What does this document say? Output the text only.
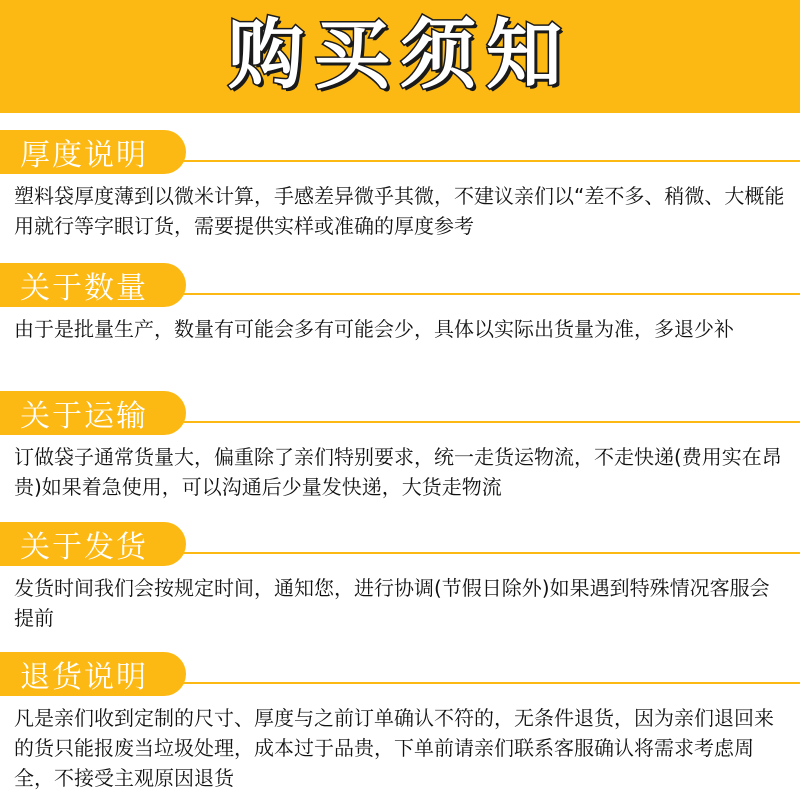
购买须知
厚度说明
塑料袋厚度薄到以微米计算，手感差异微乎其微，不建议亲们以“差不多、稍微、大概能用就行等字眼订货，需要提供实样或准确的厚度参考
关于数量
由于是批量生产，数量有可能会多有可能会少，具体以实际出货量为准，多退少补
关于运输
订做袋子通常货量大，偏重除了亲们特别要求，统一走货运物流，不走快递(费用实在昂贵)如果着急使用，可以沟通后少量发快递，大货走物流
关于发货
发货时间我们会按规定时间，通知您，进行协调(节假日除外)如果遇到特殊情况客服会提前
退货说明
凡是亲们收到定制的尺寸、厚度与之前订单确认不符的，无条件退货，因为亲们退回来的货只能报废当垃圾处理，成本过于品贵，下单前请亲们联系客服确认将需求考虑周全，不接受主观原因退货
